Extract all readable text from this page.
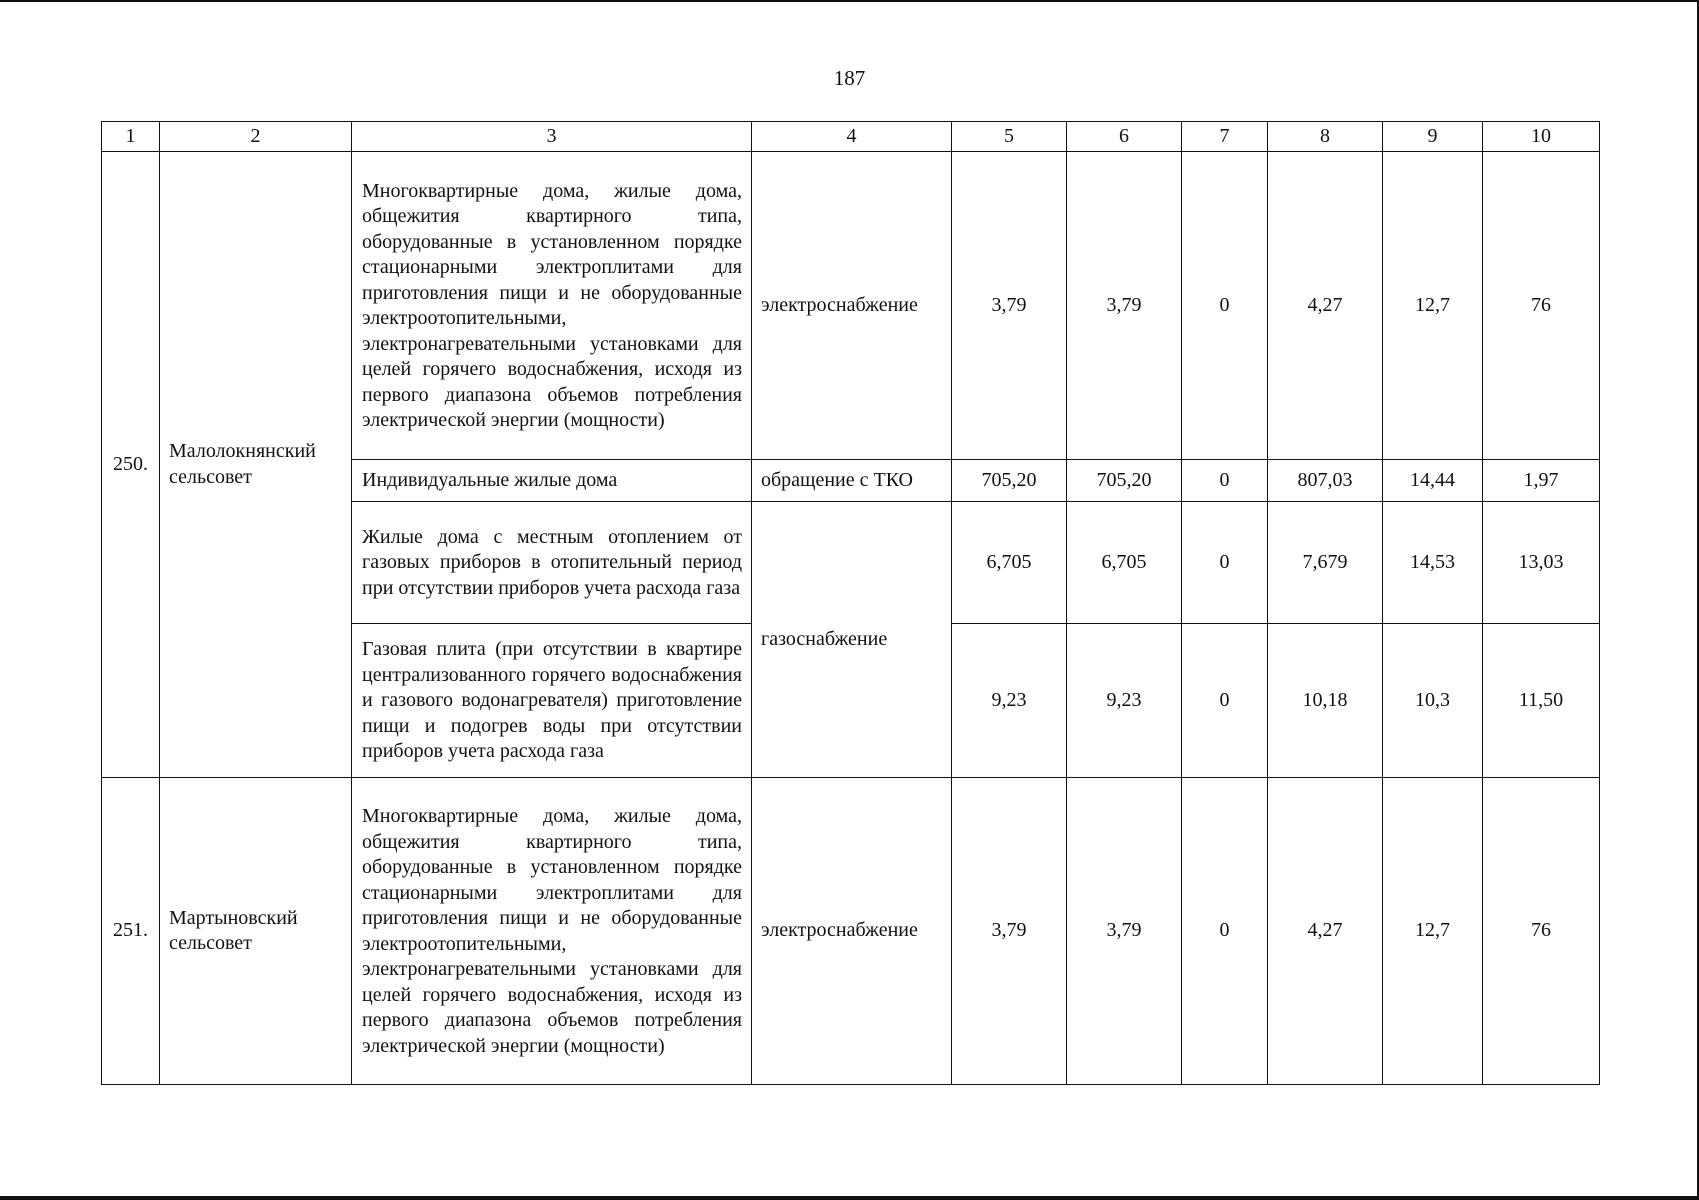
187
1	2	3	4	5	6	7	8	9	10
250.	Малолокнянский сельсовет	Многоквартирные дома, жилые дома, общежития квартирного типа, оборудованные в установленном порядке стационарными электроплитами для приготовления пищи и не оборудованные электроотопительными, электронагревательными установками для целей горячего водоснабжения, исходя из первого диапазона объемов потребления электрической энергии (мощности)	электроснабжение	3,79	3,79	0	4,27	12,7	76
		Индивидуальные жилые дома	обращение с ТКО	705,20	705,20	0	807,03	14,44	1,97
		Жилые дома с местным отоплением от газовых приборов в отопительный период при отсутствии приборов учета расхода газа	газоснабжение	6,705	6,705	0	7,679	14,53	13,03
		Газовая плита (при отсутствии в квартире централизованного горячего водоснабжения и газового водонагревателя) приготовление пищи и подогрев воды при отсутствии приборов учета расхода газа		9,23	9,23	0	10,18	10,3	11,50
251.	Мартыновский сельсовет	Многоквартирные дома, жилые дома, общежития квартирного типа, оборудованные в установленном порядке стационарными электроплитами для приготовления пищи и не оборудованные электроотопительными, электронагревательными установками для целей горячего водоснабжения, исходя из первого диапазона объемов потребления электрической энергии (мощности)	электроснабжение	3,79	3,79	0	4,27	12,7	76
